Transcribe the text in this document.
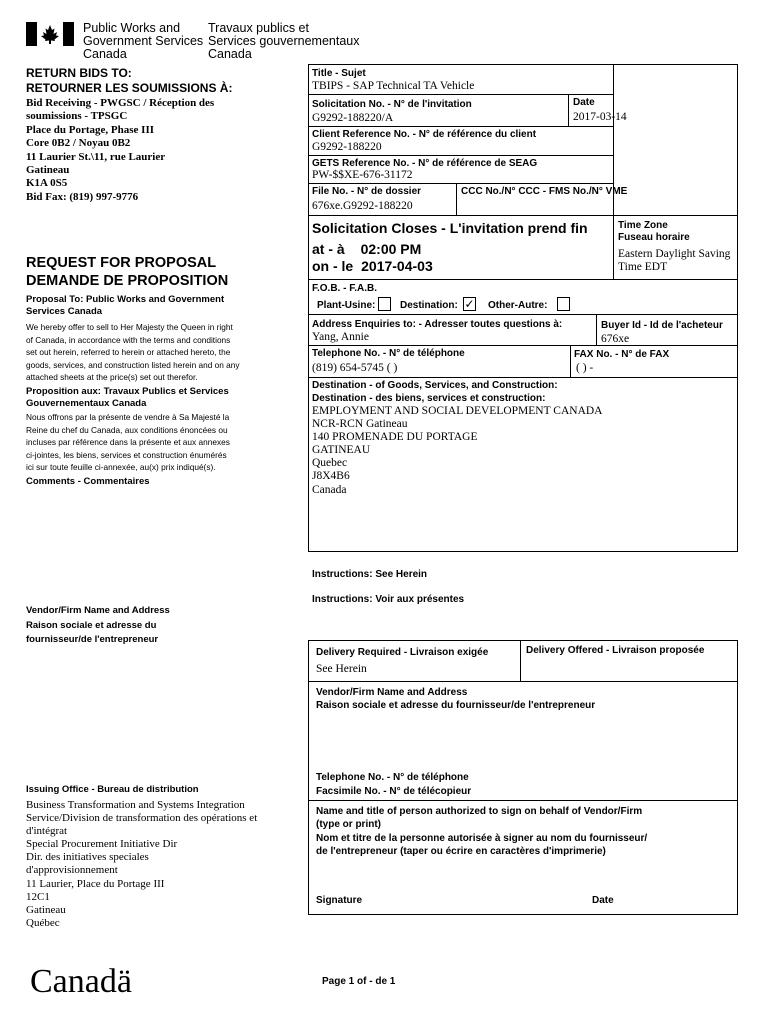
Public Works and
Government Services
Canada
Travaux publics et
Services gouvernementaux
Canada
RETURN BIDS TO:
RETOURNER LES SOUMISSIONS À:
Bid Receiving - PWGSC / Réception des
soumissions - TPSGC
Place du Portage, Phase III
Core 0B2 / Noyau 0B2
11 Laurier St.\11, rue Laurier
Gatineau
K1A 0S5
Bid Fax: (819) 997-9776
REQUEST FOR PROPOSAL
DEMANDE DE PROPOSITION
Proposal To: Public Works and Government
Services Canada
We hereby offer to sell to Her Majesty the Queen in right
of Canada, in accordance with the terms and conditions
set out herein, referred to herein or attached hereto, the
goods, services, and construction listed herein and on any
attached sheets at the price(s) set out therefor.
Proposition aux: Travaux Publics et Services
Gouvernementaux Canada
Nous offrons par la présente de vendre à Sa Majesté la
Reine du chef du Canada, aux conditions énoncées ou
incluses par référence dans la présente et aux annexes
ci-jointes, les biens, services et construction énumérés
ici sur toute feuille ci-annexée, au(x) prix indiqué(s).
Comments - Commentaires
Vendor/Firm Name and Address
Raison sociale et adresse du
fournisseur/de l'entrepreneur
Issuing Office - Bureau de distribution
Business Transformation and Systems Integration
Service/Division de transformation des opérations et
d'intégrat
Special Procurement Initiative Dir
Dir. des initiatives speciales
d'approvisionnement
11 Laurier, Place du Portage III
12C1
Gatineau
Québec
Canadä
Title - Sujet
TBIPS - SAP Technical TA Vehicle
Solicitation No. - N° de l'invitation
G9292-188220/A
Date
2017-03-14
Client Reference No. - N° de référence du client
G9292-188220
GETS Reference No. - N° de référence de SEAG
PW-$$XE-676-31172
File No. - N° de dossier
676xe.G9292-188220
CCC No./N° CCC - FMS No./N° VME
Solicitation Closes - L'invitation prend fin
at - à 02:00 PM
on - le 2017-04-03
Time Zone
Fuseau horaire
Eastern Daylight Saving
Time EDT
F.O.B. - F.A.B.
Plant-Usine: Destination: ✓ Other-Autre:
Address Enquiries to: - Adresser toutes questions à:
Yang, Annie
Buyer Id - Id de l'acheteur
676xe
Telephone No. - N° de téléphone
(819) 654-5745 ( )
FAX No. - N° de FAX
( ) -
Destination - of Goods, Services, and Construction:
Destination - des biens, services et construction:
EMPLOYMENT AND SOCIAL DEVELOPMENT CANADA
NCR-RCN Gatineau
140 PROMENADE DU PORTAGE
GATINEAU
Quebec
J8X4B6
Canada
Instructions: See Herein
Instructions: Voir aux présentes
Delivery Required - Livraison exigée
See Herein
Delivery Offered - Livraison proposée
Vendor/Firm Name and Address
Raison sociale et adresse du fournisseur/de l'entrepreneur
Telephone No. - N° de téléphone
Facsimile No. - N° de télécopieur
Name and title of person authorized to sign on behalf of Vendor/Firm
(type or print)
Nom et titre de la personne autorisée à signer au nom du fournisseur/
de l'entrepreneur (taper ou écrire en caractères d'imprimerie)
Signature	Date
Page 1 of - de 1
